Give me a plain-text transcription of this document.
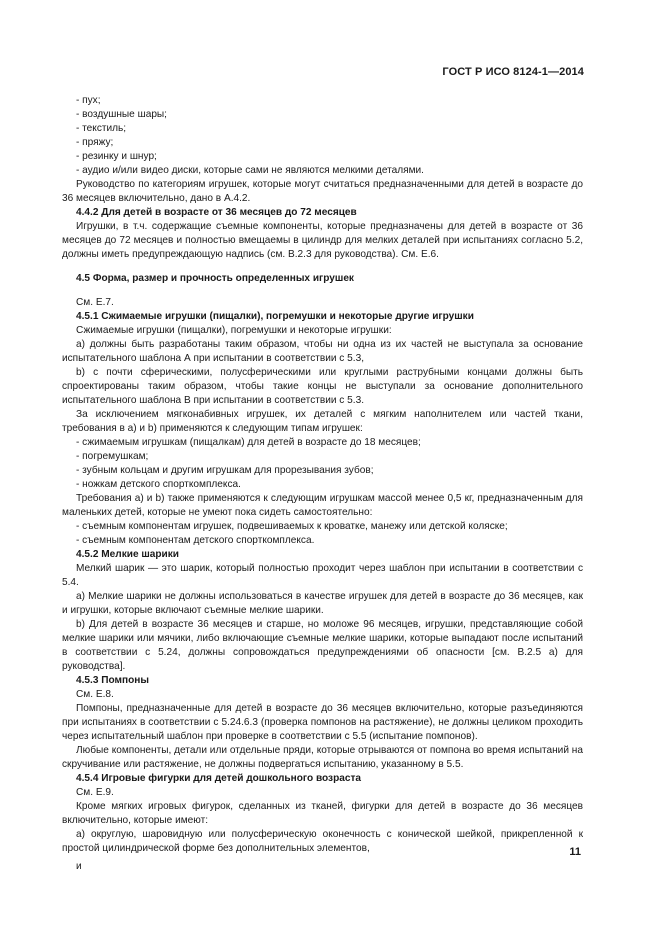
ГОСТ Р ИСО 8124-1—2014

- пух;

- воздушные шары;

- текстиль;

- пряжу;

- резинку и шнур;

- аудио и/или видео диски, которые сами не являются мелкими деталями.

Руководство по категориям игрушек, которые могут считаться предназначенными для детей в возрасте до 36 месяцев включительно, дано в А.4.2.

4.4.2 Для детей в возрасте от 36 месяцев до 72 месяцев

Игрушки, в т.ч. содержащие съемные компоненты, которые предназначены для детей в возрасте от 36 месяцев до 72 месяцев и полностью вмещаемы в цилиндр для мелких деталей при испытаниях согласно 5.2, должны иметь предупреждающую надпись (см. В.2.3 для руководства). См. Е.6.

4.5 Форма, размер и прочность определенных игрушек

См. Е.7.

4.5.1 Сжимаемые игрушки (пищалки), погремушки и некоторые другие игрушки

Сжимаемые игрушки (пищалки), погремушки и некоторые игрушки:

a) должны быть разработаны таким образом, чтобы ни одна из их частей не выступала за основание испытательного шаблона А при испытании в соответствии с 5.3,

b) с почти сферическими, полусферическими или круглыми раструбными концами должны быть спроектированы таким образом, чтобы такие концы не выступали за основание дополнительного испытательного шаблона В при испытании в соответствии с 5.3.

За исключением мягконабивных игрушек, их деталей с мягким наполнителем или частей ткани, требования в а) и b) применяются к следующим типам игрушек:

- сжимаемым игрушкам (пищалкам) для детей в возрасте до 18 месяцев;

- погремушкам;

- зубным кольцам и другим игрушкам для прорезывания зубов;

- ножкам детского спорткомплекса.

Требования а) и b) также применяются к следующим игрушкам массой менее 0,5 кг, предназначенным для маленьких детей, которые не умеют пока сидеть самостоятельно:

- съемным компонентам игрушек, подвешиваемых к кроватке, манежу или детской коляске;

- съемным компонентам детского спорткомплекса.

4.5.2 Мелкие шарики

Мелкий шарик — это шарик, который полностью проходит через шаблон при испытании в соответствии с 5.4.

a) Мелкие шарики не должны использоваться в качестве игрушек для детей в возрасте до 36 месяцев, как и игрушки, которые включают съемные мелкие шарики.

b) Для детей в возрасте 36 месяцев и старше, но моложе 96 месяцев, игрушки, представляющие собой мелкие шарики или мячики, либо включающие съемные мелкие шарики, которые выпадают после испытаний в соответствии с 5.24, должны сопровождаться предупреждениями об опасности [см. В.2.5 а) для руководства].

4.5.3 Помпоны

См. Е.8.

Помпоны, предназначенные для детей в возрасте до 36 месяцев включительно, которые разъединяются при испытаниях в соответствии с 5.24.6.3 (проверка помпонов на растяжение), не должны целиком проходить через испытательный шаблон при проверке в соответствии с 5.5 (испытание помпонов).

Любые компоненты, детали или отдельные пряди, которые отрываются от помпона во время испытаний на скручивание или растяжение, не должны подвергаться испытанию, указанному в 5.5.

4.5.4 Игровые фигурки для детей дошкольного возраста

См. Е.9.

Кроме мягких игровых фигурок, сделанных из тканей, фигурки для детей в возрасте до 36 месяцев включительно, которые имеют:

a) округлую, шаровидную или полусферическую оконечность с конической шейкой, прикрепленной к простой цилиндрической форме без дополнительных элементов,

и

11
